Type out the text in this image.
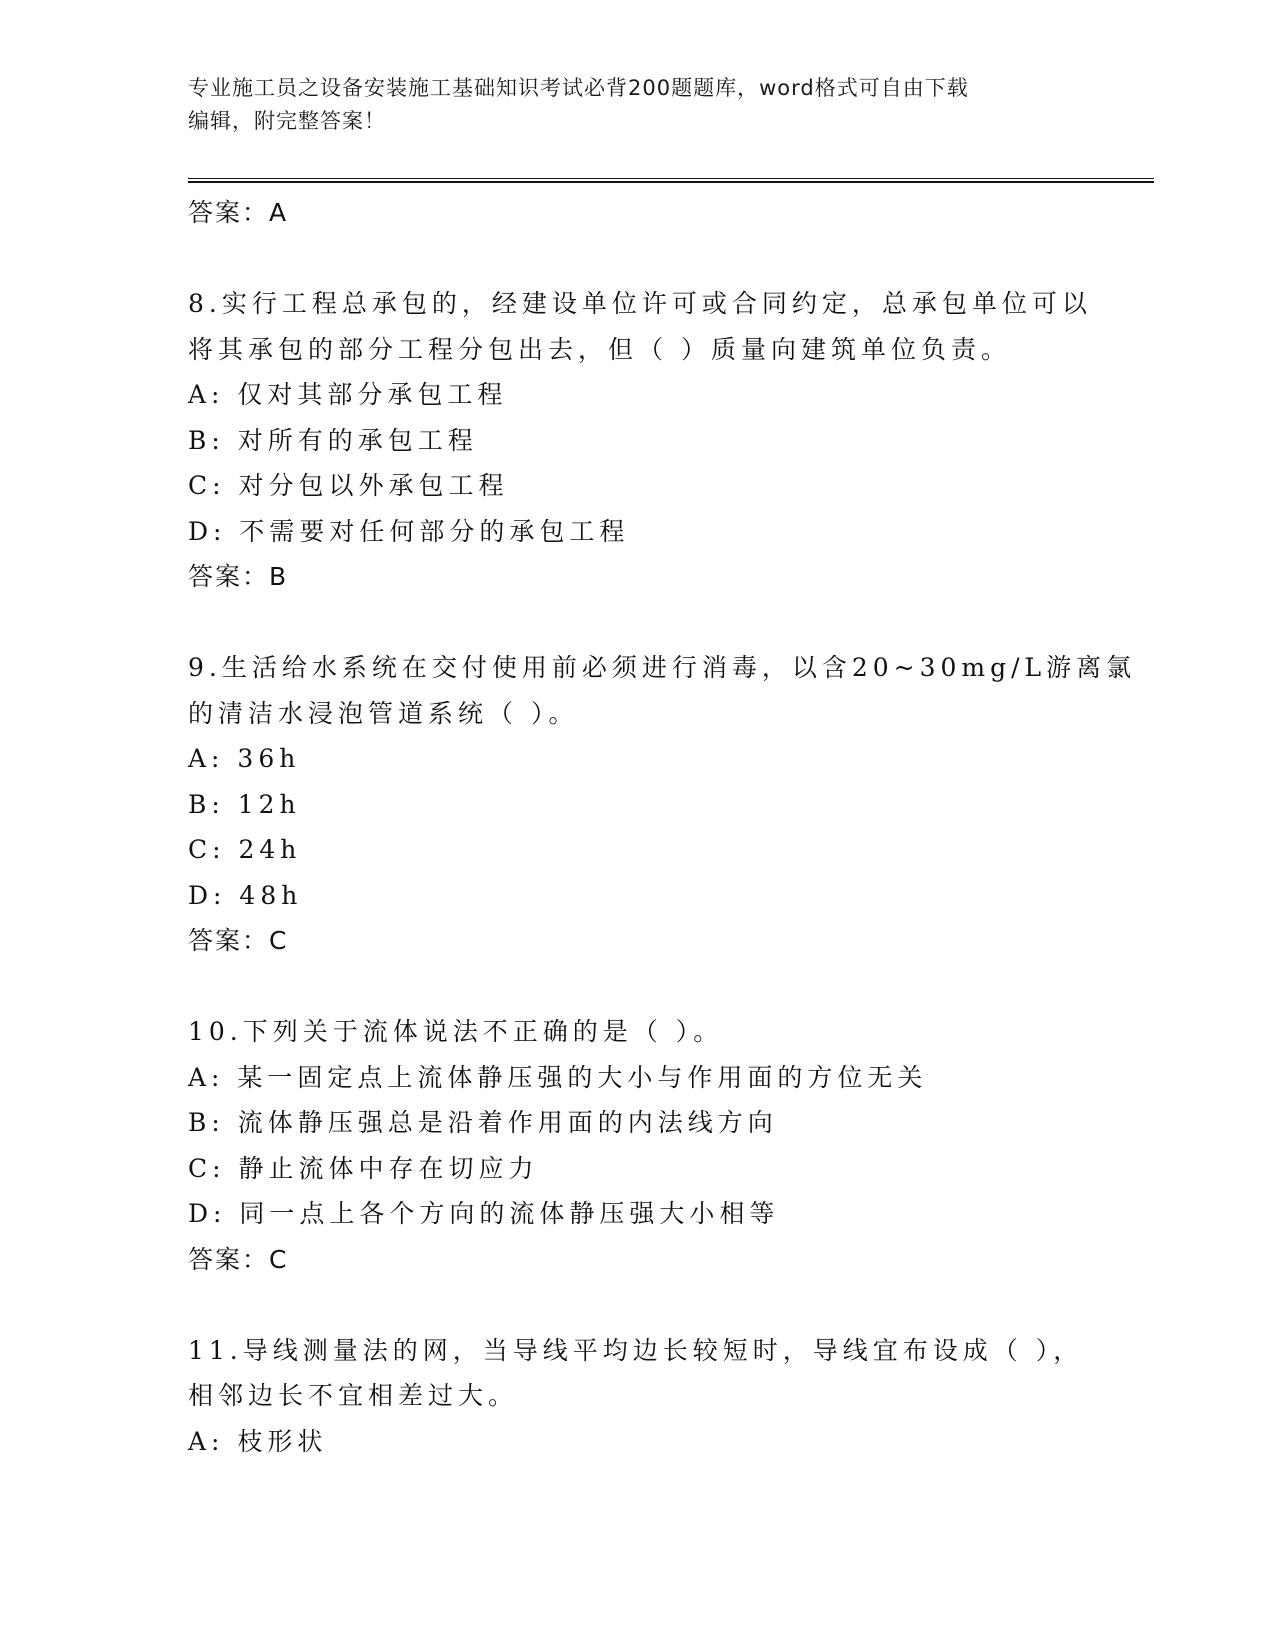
专业施工员之设备安装施工基础知识考试必背200题题库，word格式可自由下载
编辑，附完整答案！
答案：A
8.实行工程总承包的，经建设单位许可或合同约定，总承包单位可以
将其承包的部分工程分包出去，但（ ）质量向建筑单位负责。
A: 仅对其部分承包工程
B: 对所有的承包工程
C: 对分包以外承包工程
D: 不需要对任何部分的承包工程
答案：B
9.生活给水系统在交付使用前必须进行消毒，以含20~30mg/L游离氯
的清洁水浸泡管道系统（ ）。
A: 36h
B: 12h
C: 24h
D: 48h
答案：C
10.下列关于流体说法不正确的是（ ）。
A: 某一固定点上流体静压强的大小与作用面的方位无关
B: 流体静压强总是沿着作用面的内法线方向
C: 静止流体中存在切应力
D: 同一点上各个方向的流体静压强大小相等
答案：C
11.导线测量法的网，当导线平均边长较短时，导线宜布设成（ ），
相邻边长不宜相差过大。
A: 枝形状
